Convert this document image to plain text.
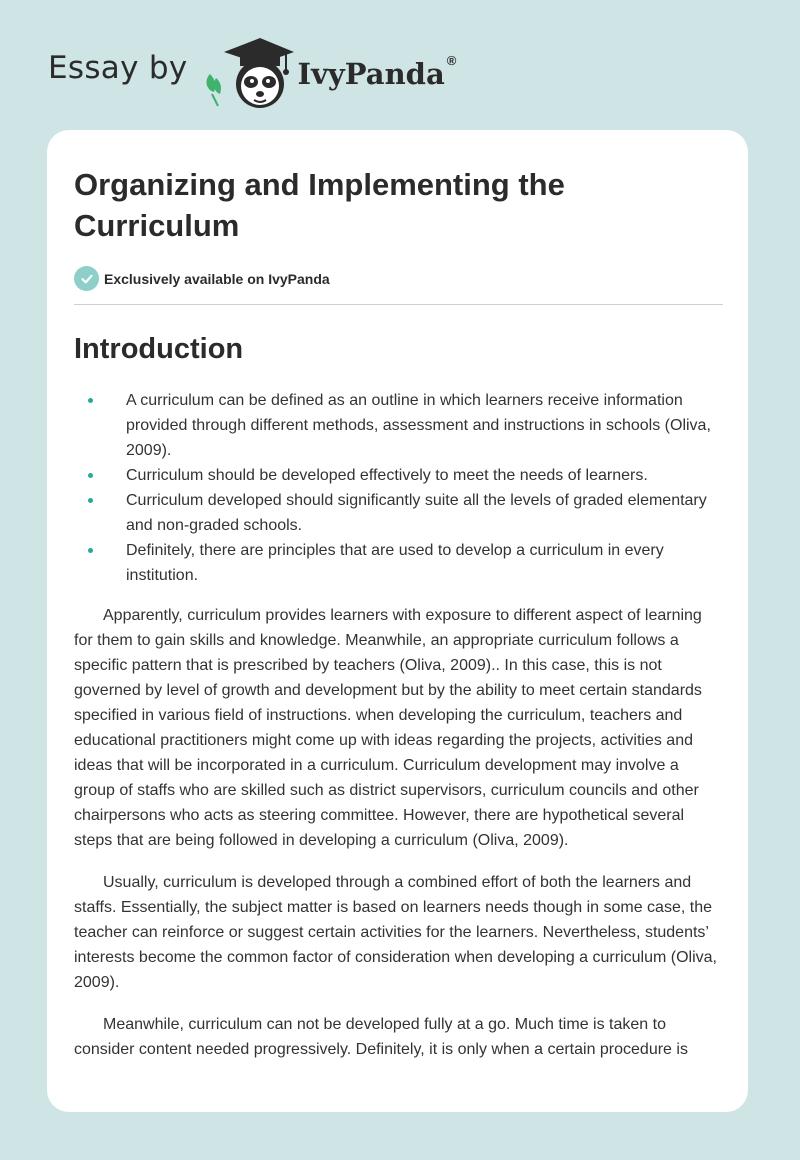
Essay by	IvyPanda ®
Organizing and Implementing the Curriculum
Exclusively available on IvyPanda
Introduction
A curriculum can be defined as an outline in which learners receive information provided through different methods, assessment and instructions in schools (Oliva, 2009).
Curriculum should be developed effectively to meet the needs of learners.
Curriculum developed should significantly suite all the levels of graded elementary and non-graded schools.
Definitely, there are principles that are used to develop a curriculum in every institution.

Apparently, curriculum provides learners with exposure to different aspect of learning for them to gain skills and knowledge. Meanwhile, an appropriate curriculum follows a specific pattern that is prescribed by teachers (Oliva, 2009).. In this case, this is not governed by level of growth and development but by the ability to meet certain standards specified in various field of instructions. when developing the curriculum, teachers and educational practitioners might come up with ideas regarding the projects, activities and ideas that will be incorporated in a curriculum. Curriculum development may involve a group of staffs who are skilled such as district supervisors, curriculum councils and other chairpersons who acts as steering committee. However, there are hypothetical several steps that are being followed in developing a curriculum (Oliva, 2009).

Usually, curriculum is developed through a combined effort of both the learners and staffs. Essentially, the subject matter is based on learners needs though in some case, the teacher can reinforce or suggest certain activities for the learners. Nevertheless, students’ interests become the common factor of consideration when developing a curriculum (Oliva, 2009).

Meanwhile, curriculum can not be developed fully at a go. Much time is taken to consider content needed progressively. Definitely, it is only when a certain procedure is
